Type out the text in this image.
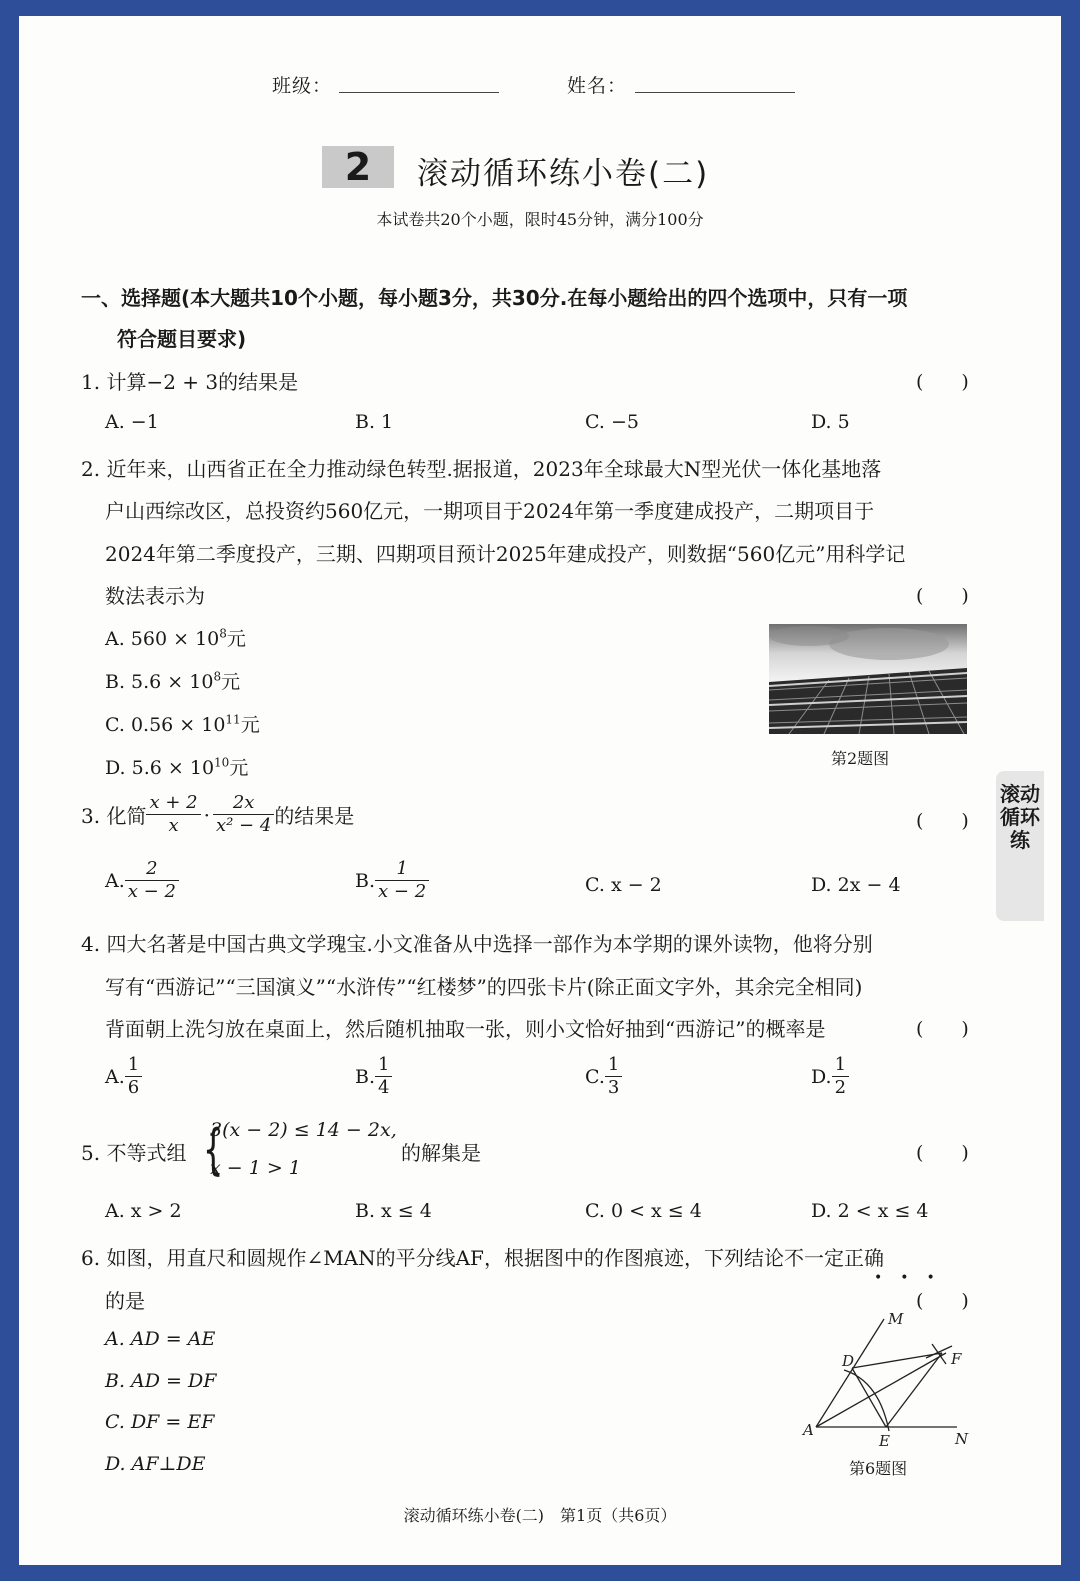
班级：	姓名：
2	滚动循环练小卷(二)
本试卷共20个小题，限时45分钟，满分100分
一、选择题(本大题共10个小题，每小题3分，共30分.在每小题给出的四个选项中，只有一项
符合题目要求)
1. 计算−2 + 3的结果是	(　　)
A. −1	B. 1	C. −5	D. 5
2. 近年来，山西省正在全力推动绿色转型.据报道，2023年全球最大N型光伏一体化基地落
户山西综改区，总投资约560亿元，一期项目于2024年第一季度建成投产，二期项目于
2024年第二季度投产，三期、四期项目预计2025年建成投产，则数据“560亿元”用科学记
数法表示为	(　　)
A. $560 \times 10^8$元
B. $5.6 \times 10^8$元
C. $0.56 \times 10^{11}$元
D. $5.6 \times 10^{10}$元	第2题图
滚动循环练
3. 化简 $\frac{x + 2}{x} \cdot \frac{2x}{\text{x² − 4}}$ 的结果是	(　　)
A. $\frac{2}{x - 2}$	B. $\frac{1}{x - 2}$	C. x − 2	D. 2x − 4
4. 四大名著是中国古典文学瑰宝.小文准备从中选择一部作为本学期的课外读物，他将分别
写有“西游记”“三国演义”“水浒传”“红楼梦”的四张卡片(除正面文字外，其余完全相同)
背面朝上洗匀放在桌面上，然后随机抽取一张，则小文恰好抽到“西游记”的概率是	(　　)
A. $\frac{1}{6}$	B. $\frac{1}{4}$	C. $\frac{1}{3}$	D. $\frac{1}{2}$
5. 不等式组 {
3(x − 2) ≤ 14 − 2x,
x − 1 > 1
的解集是	(　　)
A. x > 2	B. x ≤ 4	C. 0 < x ≤ 4	D. 2 < x ≤ 4
6. 如图，用直尺和圆规作∠MAN的平分线AF，根据图中的作图痕迹，下列结论不一定正确
•••
的是	(　　)
A. AD = AE
B. AD = DF
C. DF = EF
D. AF⊥DE
M
D	F
A
E	N
第6题图
滚动循环练小卷(二)　第1页（共6页）
